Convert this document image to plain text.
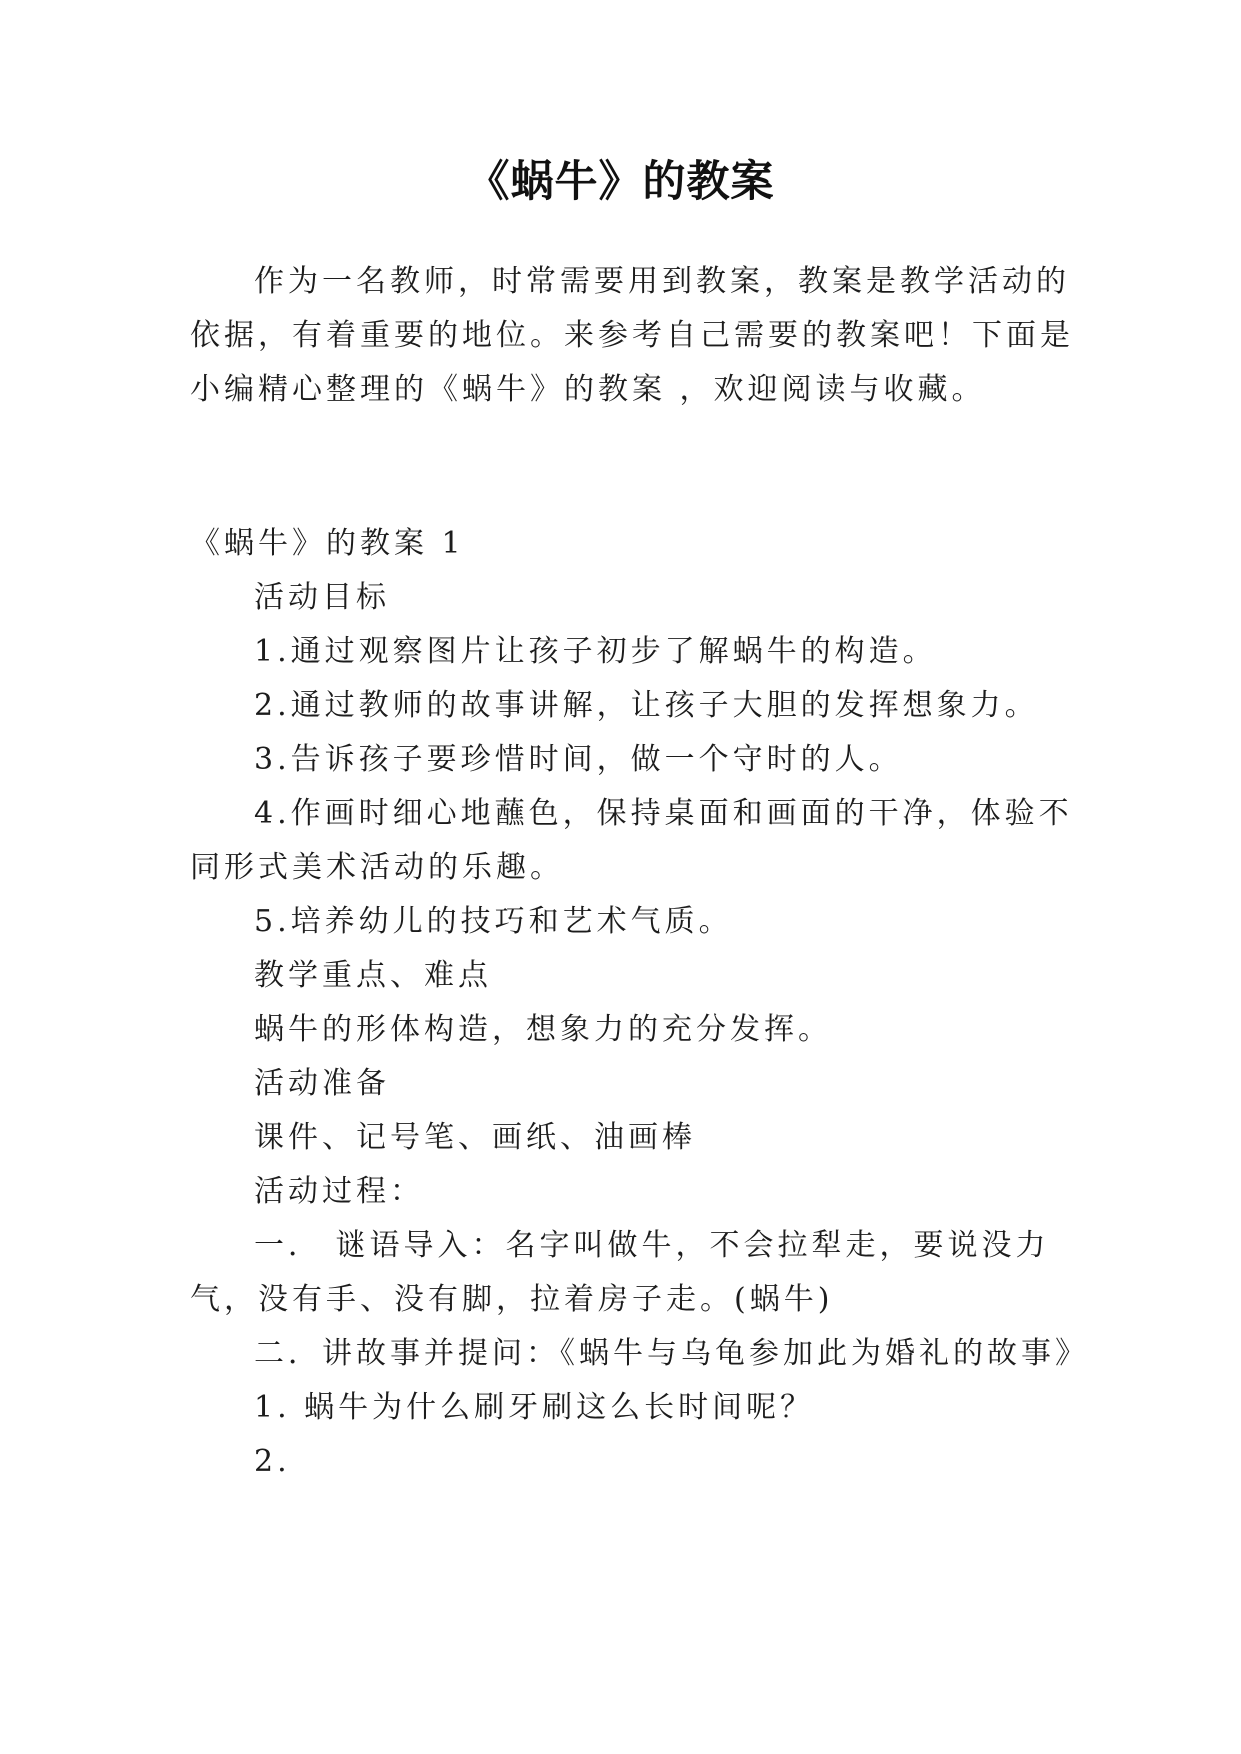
《蜗牛》的教案
作为一名教师，时常需要用到教案，教案是教学活动的
依据，有着重要的地位。来参考自己需要的教案吧！下面是
小编精心整理的《蜗牛》的教案 ，欢迎阅读与收藏。
《蜗牛》的教案 1
活动目标
1.通过观察图片让孩子初步了解蜗牛的构造。
2.通过教师的故事讲解，让孩子大胆的发挥想象力。
3.告诉孩子要珍惜时间，做一个守时的人。
4.作画时细心地蘸色，保持桌面和画面的干净，体验不
同形式美术活动的乐趣。
5.培养幼儿的技巧和艺术气质。
教学重点、难点
蜗牛的形体构造，想象力的充分发挥。
活动准备
课件、记号笔、画纸、油画棒
活动过程：
一． 谜语导入：名字叫做牛，不会拉犁走，要说没力
气，没有手、没有脚，拉着房子走。(蜗牛)
二．讲故事并提问：《蜗牛与乌龟参加此为婚礼的故事》
1. 蜗牛为什么刷牙刷这么长时间呢？
2.
